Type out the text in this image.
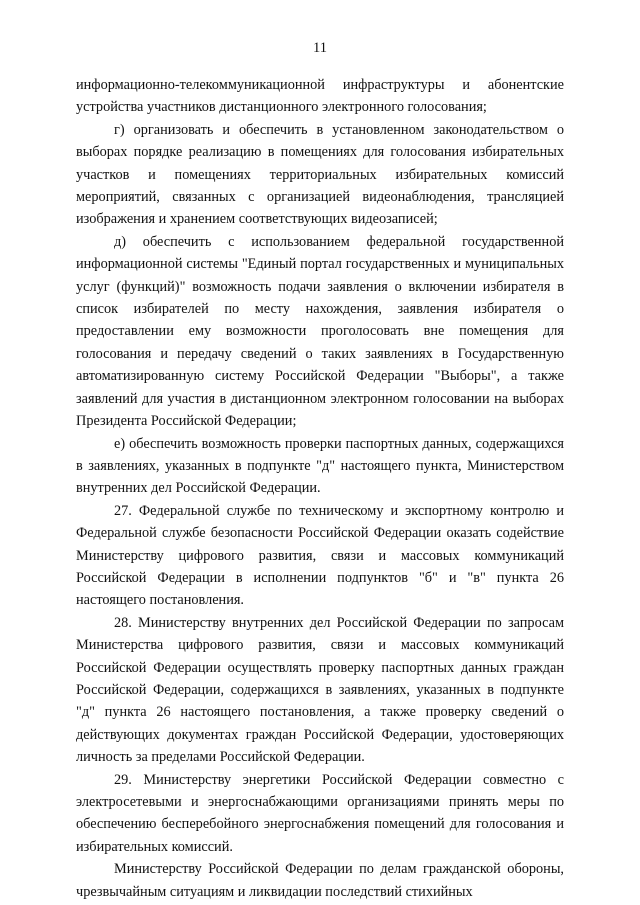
11

информационно-телекоммуникационной инфраструктуры и абонентские устройства участников дистанционного электронного голосования;

г) организовать и обеспечить в установленном законодательством о выборах порядке реализацию в помещениях для голосования избирательных участков и помещениях территориальных избирательных комиссий мероприятий, связанных с организацией видеонаблюдения, трансляцией изображения и хранением соответствующих видеозаписей;

д) обеспечить с использованием федеральной государственной информационной системы "Единый портал государственных и муниципальных услуг (функций)" возможность подачи заявления о включении избирателя в список избирателей по месту нахождения, заявления избирателя о предоставлении ему возможности проголосовать вне помещения для голосования и передачу сведений о таких заявлениях в Государственную автоматизированную систему Российской Федерации "Выборы", а также заявлений для участия в дистанционном электронном голосовании на выборах Президента Российской Федерации;

е) обеспечить возможность проверки паспортных данных, содержащихся в заявлениях, указанных в подпункте "д" настоящего пункта, Министерством внутренних дел Российской Федерации.

27. Федеральной службе по техническому и экспортному контролю и Федеральной службе безопасности Российской Федерации оказать содействие Министерству цифрового развития, связи и массовых коммуникаций Российской Федерации в исполнении подпунктов "б" и "в" пункта 26 настоящего постановления.

28. Министерству внутренних дел Российской Федерации по запросам Министерства цифрового развития, связи и массовых коммуникаций Российской Федерации осуществлять проверку паспортных данных граждан Российской Федерации, содержащихся в заявлениях, указанных в подпункте "д" пункта 26 настоящего постановления, а также проверку сведений о действующих документах граждан Российской Федерации, удостоверяющих личность за пределами Российской Федерации.

29. Министерству энергетики Российской Федерации совместно с электросетевыми и энергоснабжающими организациями принять меры по обеспечению бесперебойного энергоснабжения помещений для голосования и избирательных комиссий.

Министерству Российской Федерации по делам гражданской обороны, чрезвычайным ситуациям и ликвидации последствий стихийных
